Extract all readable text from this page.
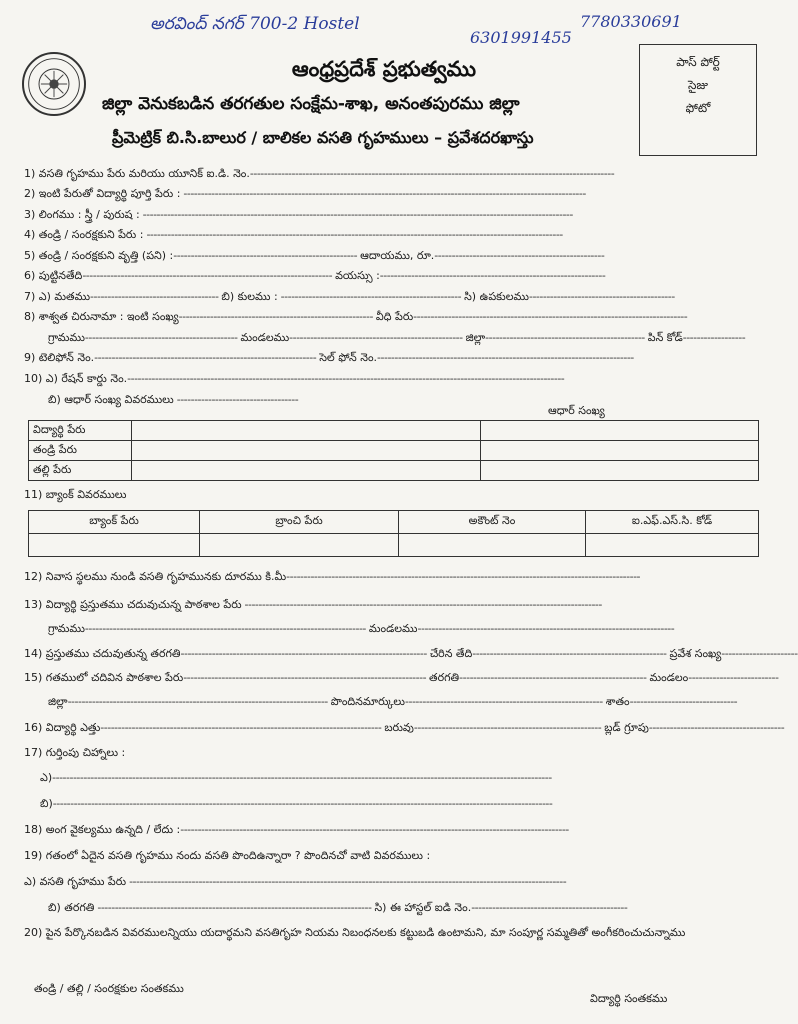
అరవింద్ నగర్ 700-2 Hostel	7780330691
6301991455
ఆంధ్రప్రదేశ్ ప్రభుత్వము
జిల్లా వెనుకబడిన తరగతుల సంక్షేమ-శాఖ, అనంతపురము జిల్లా
ప్రీమెట్రిక్ బి.సి.బాలుర / బాలికల వసతి గృహములు – ప్రవేశదరఖాస్తు
పాస్ పోర్ట్
సైజు
ఫోటో
1) వసతి గృహము పేరు మరియు యూనిక్ ఐ.డి. నెం.---------------------------------------------------------------------------------------------------------
2) ఇంటి పేరుతో విద్యార్థి పూర్తి పేరు : --------------------------------------------------------------------------------------------------------------------
3) లింగము : స్త్రీ / పురుష : ----------------------------------------------------------------------------------------------------------------------------
4) తండ్రి / సంరక్షకుని పేరు : ------------------------------------------------------------------------------------------------------------------------
5) తండ్రి / సంరక్షకుని వృత్తి (పని) :----------------------------------------------------- ఆదాయము, రూ.-------------------------------------------------
6) పుట్టినతేది------------------------------------------------------------------------ వయస్సు :-----------------------------------------------------------------
7) ఎ) మతము------------------------------------- బి) కులము : ---------------------------------------------------- సి) ఉపకులము------------------------------------------
8) శాశ్వత చిరునామా : ఇంటి సంఖ్య-------------------------------------------------------- వీధి పేరు-------------------------------------------------------------------------------
గ్రామము-------------------------------------------- మండలము-------------------------------------------------- జిల్లా---------------------------------------------- పిన్ కోడ్------------------
9) టెలిఫోన్ నెం.---------------------------------------------------------------- సెల్ ఫోన్ నెం.--------------------------------------------------------------------------
10) ఎ) రేషన్ కార్డు నెం.------------------------------------------------------------------------------------------------------------------------------
బి) ఆధార్ సంఖ్య వివరములు -----------------------------------
ఆధార్ సంఖ్య
విద్యార్థి పేరు		
తండ్రి పేరు		
తల్లి పేరు		
11) బ్యాంక్ వివరములు
బ్యాంక్ పేరు	బ్రాంచి పేరు	అకౌంట్ నెం	ఐ.ఎఫ్.ఎస్.సి. కోడ్

12) నివాస స్థలము నుండి వసతి గృహమునకు దూరము కి.మీ------------------------------------------------------------------------------------------------------
13) విద్యార్థి ప్రస్తుతము చదువుచున్న పాఠశాల పేరు -------------------------------------------------------------------------------------------------------
గ్రామము--------------------------------------------------------------------------------- మండలము--------------------------------------------------------------------------
14) ప్రస్తుతము చదువుతున్న తరగతి----------------------------------------------------------------------- చేరిన తేది-------------------------------------------------------- ప్రవేశ సంఖ్య----------------------
15) గతములో చదివిన పాఠశాల పేరు---------------------------------------------------------------------- తరగతి------------------------------------------------------ మండలం--------------------------
జిల్లా--------------------------------------------------------------------------- పొందినమార్కులు--------------------------------------------------------- శాతం-------------------------------
16) విద్యార్థి ఎత్తు--------------------------------------------------------------------------------- బరువు------------------------------------------------------ బ్లడ్ గ్రూపు---------------------------------------
17) గుర్తింపు చిహ్నాలు :
ఎ)------------------------------------------------------------------------------------------------------------------------------------------------
బి)------------------------------------------------------------------------------------------------------------------------------------------------
18) అంగ వైకల్యము ఉన్నది / లేదు :----------------------------------------------------------------------------------------------------------------
19) గతంలో ఏదైన వసతి గృహము నందు వసతి పొందిఉన్నారా ? పొందినచో వాటి వివరములు :
ఎ) వసతి గృహము పేరు ------------------------------------------------------------------------------------------------------------------------------
బి) తరగతి ------------------------------------------------------------------------------- సి) ఈ హాస్టల్ ఐడి నెం.---------------------------------------------
20) పైన పేర్కొనబడిన వివరములన్నియు యదార్థమని వసతిగృహ నియమ నిబంధనలకు కట్టుబడి ఉంటామని, మా సంపూర్ణ సమ్మతితో అంగీకరించుచున్నాము
తండ్రి / తల్లి / సంరక్షకుల సంతకము
విద్యార్థి సంతకము
